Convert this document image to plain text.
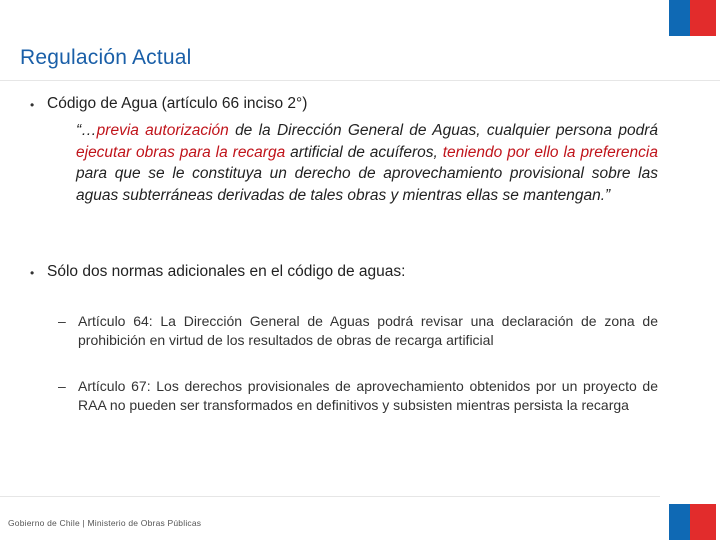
Regulación Actual
• Código de Agua (artículo 66 inciso 2°)
“…previa autorización de la Dirección General de Aguas, cualquier persona podrá ejecutar obras para la recarga artificial de acuíferos, teniendo por ello la preferencia para que se le constituya un derecho de aprovechamiento provisional sobre las aguas subterráneas derivadas de tales obras y mientras ellas se mantengan.”
• Sólo dos normas adicionales en el código de aguas:
– Artículo 64: La Dirección General de Aguas podrá revisar una declaración de zona de prohibición en virtud de los resultados de obras de recarga artificial
– Artículo 67: Los derechos provisionales de aprovechamiento obtenidos por un proyecto de RAA no pueden ser transformados en definitivos y subsisten mientras persista la recarga
Gobierno de Chile | Ministerio de Obras Públicas
